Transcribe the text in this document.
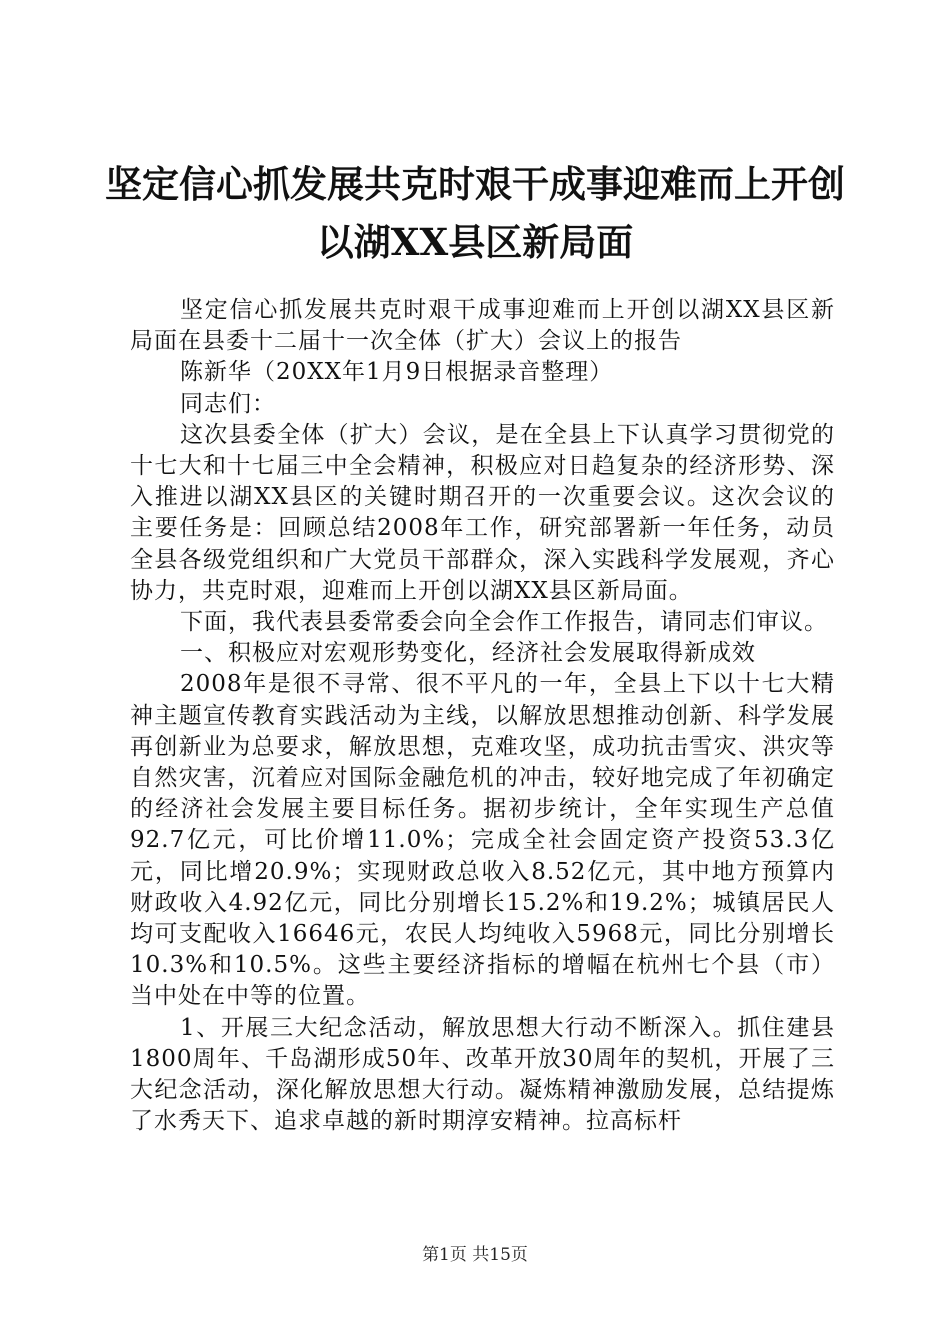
坚定信心抓发展共克时艰干成事迎难而上开创
以湖XX县区新局面

坚定信心抓发展共克时艰干成事迎难而上开创以湖XX县区新局面在县委十二届十一次全体（扩大）会议上的报告

陈新华（20XX年1月9日根据录音整理）

同志们：

这次县委全体（扩大）会议，是在全县上下认真学习贯彻党的十七大和十七届三中全会精神，积极应对日趋复杂的经济形势、深入推进以湖XX县区的关键时期召开的一次重要会议。这次会议的主要任务是：回顾总结2008年工作，研究部署新一年任务，动员全县各级党组织和广大党员干部群众，深入实践科学发展观，齐心协力，共克时艰，迎难而上开创以湖XX县区新局面。

下面，我代表县委常委会向全会作工作报告，请同志们审议。

一、积极应对宏观形势变化，经济社会发展取得新成效

2008年是很不寻常、很不平凡的一年，全县上下以十七大精神主题宣传教育实践活动为主线，以解放思想推动创新、科学发展再创新业为总要求，解放思想，克难攻坚，成功抗击雪灾、洪灾等自然灾害，沉着应对国际金融危机的冲击，较好地完成了年初确定的经济社会发展主要目标任务。据初步统计，全年实现生产总值92.7亿元，可比价增11.0%；完成全社会固定资产投资53.3亿元，同比增20.9%；实现财政总收入8.52亿元，其中地方预算内财政收入4.92亿元，同比分别增长15.2%和19.2%；城镇居民人均可支配收入16646元，农民人均纯收入5968元，同比分别增长10.3%和10.5%。这些主要经济指标的增幅在杭州七个县（市）当中处在中等的位置。

1、开展三大纪念活动，解放思想大行动不断深入。抓住建县1800周年、千岛湖形成50年、改革开放30周年的契机，开展了三大纪念活动，深化解放思想大行动。凝炼精神激励发展，总结提炼了水秀天下、追求卓越的新时期淳安精神。拉高标杆

第1页 共15页
